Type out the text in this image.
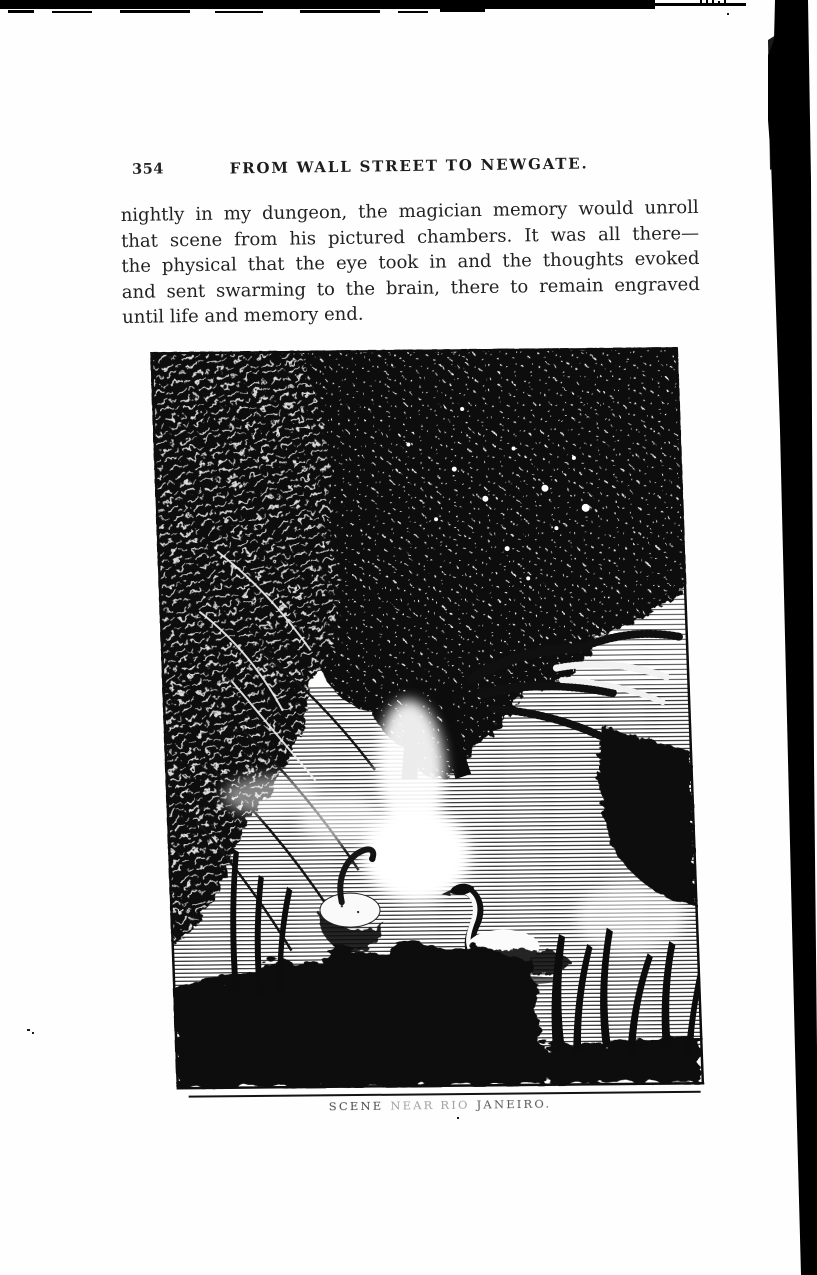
354	FROM WALL STREET TO NEWGATE.
nightly in my dungeon, the magician memory would unroll
that scene from his pictured chambers. It was all there—
the physical that the eye took in and the thoughts evoked
and sent swarming to the brain, there to remain engraved
until life and memory end.
SCENE NEAR RIO JANEIRO.
